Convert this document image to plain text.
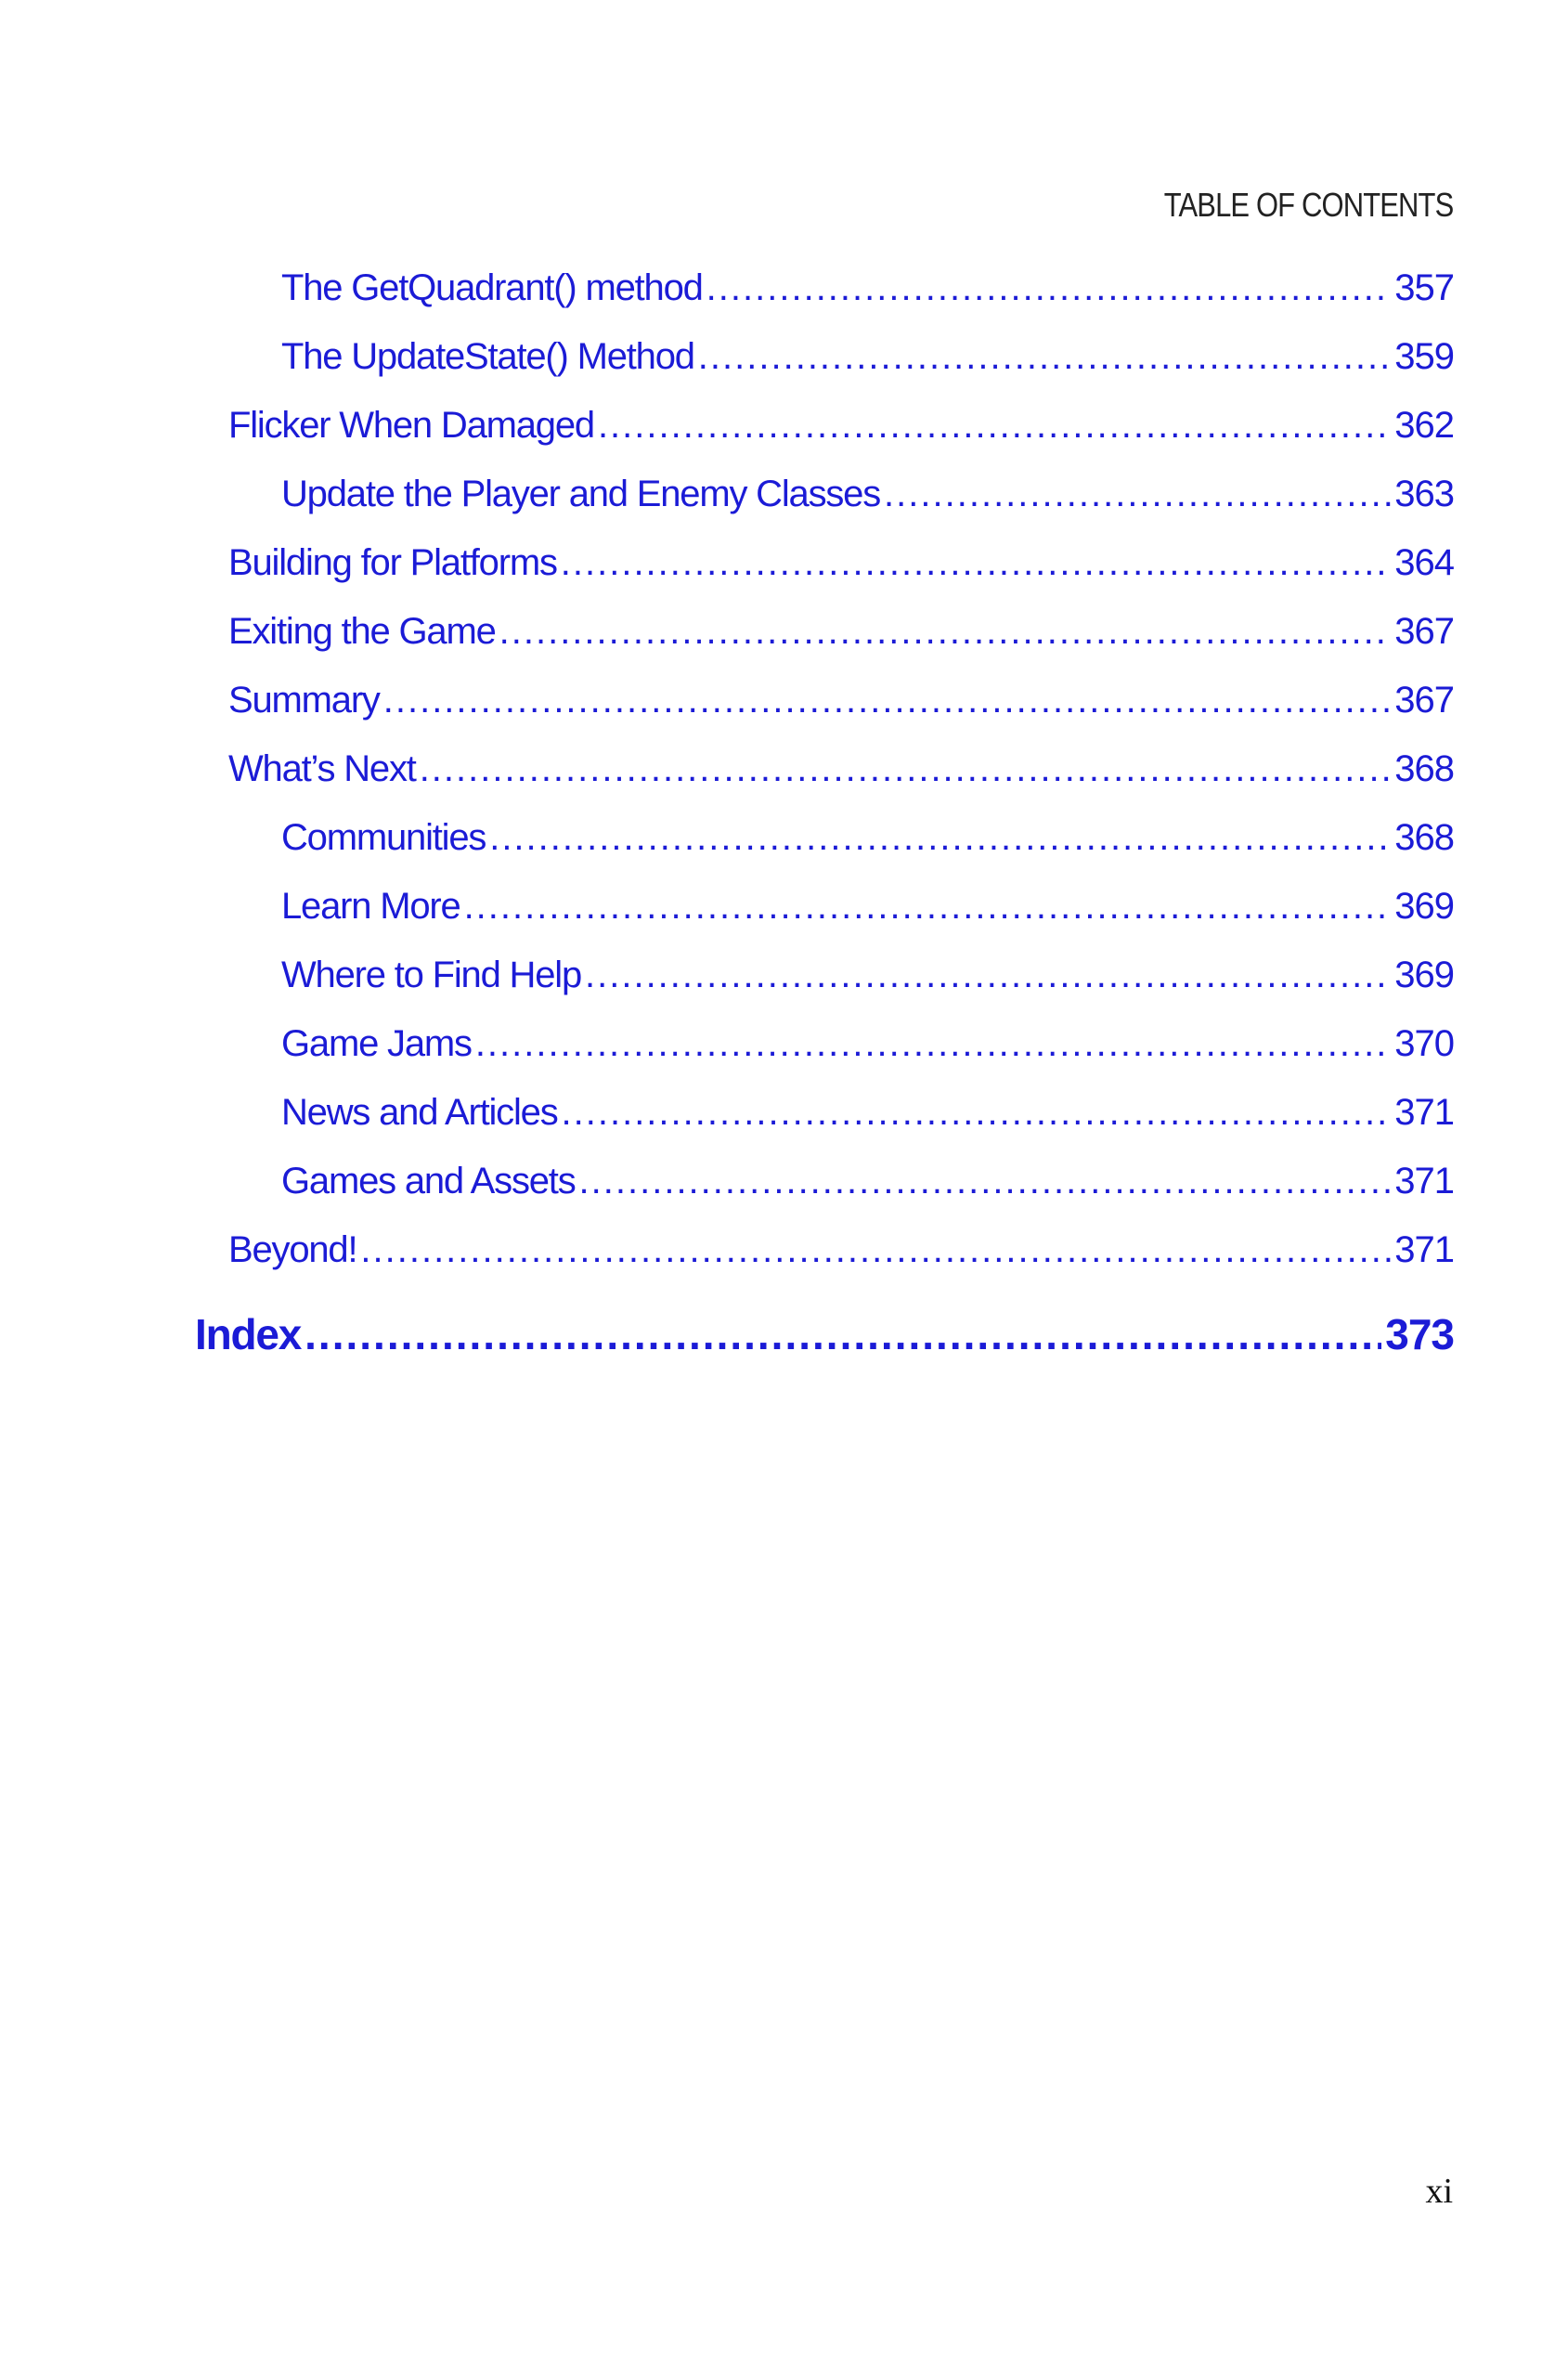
TABLE OF CONTENTS
The GetQuadrant() method .....	357
The UpdateState() Method .....	359
Flicker When Damaged .....	362
Update the Player and Enemy Classes .....	363
Building for Platforms .....	364
Exiting the Game .....	367
Summary .....	367
What’s Next .....	368
Communities .....	368
Learn More .....	369
Where to Find Help .....	369
Game Jams .....	370
News and Articles .....	371
Games and Assets .....	371
Beyond! .....	371
Index .....	373
xi
